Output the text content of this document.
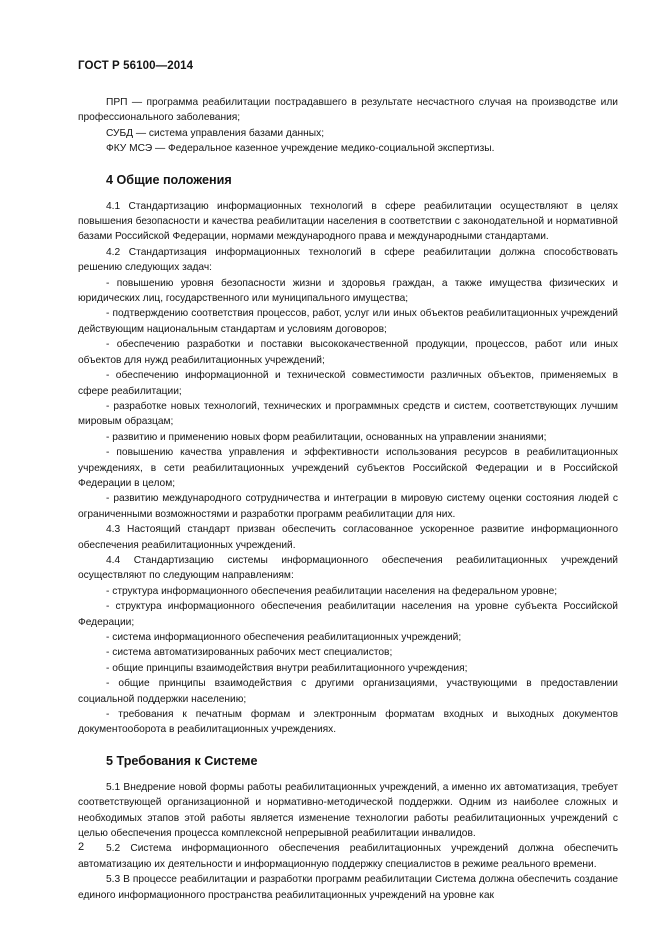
ГОСТ Р 56100—2014

ПРП — программа реабилитации пострадавшего в результате несчастного случая на производстве или профессионального заболевания;

СУБД — система управления базами данных;

ФКУ МСЭ — Федеральное казенное учреждение медико-социальной экспертизы.

4 Общие положения

4.1 Стандартизацию информационных технологий в сфере реабилитации осуществляют в целях повышения безопасности и качества реабилитации населения в соответствии с законодательной и нормативной базами Российской Федерации, нормами международного права и международными стандартами.

4.2 Стандартизация информационных технологий в сфере реабилитации должна способствовать решению следующих задач:

- повышению уровня безопасности жизни и здоровья граждан, а также имущества физических и юридических лиц, государственного или муниципального имущества;

- подтверждению соответствия процессов, работ, услуг или иных объектов реабилитационных учреждений действующим национальным стандартам и условиям договоров;

- обеспечению разработки и поставки высококачественной продукции, процессов, работ или иных объектов для нужд реабилитационных учреждений;

- обеспечению информационной и технической совместимости различных объектов, применяемых в сфере реабилитации;

- разработке новых технологий, технических и программных средств и систем, соответствующих лучшим мировым образцам;

- развитию и применению новых форм реабилитации, основанных на управлении знаниями;

- повышению качества управления и эффективности использования ресурсов в реабилитационных учреждениях, в сети реабилитационных учреждений субъектов Российской Федерации и в Российской Федерации в целом;

- развитию международного сотрудничества и интеграции в мировую систему оценки состояния людей с ограниченными возможностями и разработки программ реабилитации для них.

4.3 Настоящий стандарт призван обеспечить согласованное ускоренное развитие информационного обеспечения реабилитационных учреждений.

4.4 Стандартизацию системы информационного обеспечения реабилитационных учреждений осуществляют по следующим направлениям:

- структура информационного обеспечения реабилитации населения на федеральном уровне;

- структура информационного обеспечения реабилитации населения на уровне субъекта Российской Федерации;

- система информационного обеспечения реабилитационных учреждений;

- система автоматизированных рабочих мест специалистов;

- общие принципы взаимодействия внутри реабилитационного учреждения;

- общие принципы взаимодействия с другими организациями, участвующими в предоставлении социальной поддержки населению;

- требования к печатным формам и электронным форматам входных и выходных документов документооборота в реабилитационных учреждениях.

5 Требования к Системе

5.1 Внедрение новой формы работы реабилитационных учреждений, а именно их автоматизация, требует соответствующей организационной и нормативно-методической поддержки. Одним из наиболее сложных и необходимых этапов этой работы является изменение технологии работы реабилитационных учреждений с целью обеспечения процесса комплексной непрерывной реабилитации инвалидов.

5.2 Система информационного обеспечения реабилитационных учреждений должна обеспечить автоматизацию их деятельности и информационную поддержку специалистов в режиме реального времени.

5.3 В процессе реабилитации и разработки программ реабилитации Система должна обеспечить создание единого информационного пространства реабилитационных учреждений на уровне как

2
